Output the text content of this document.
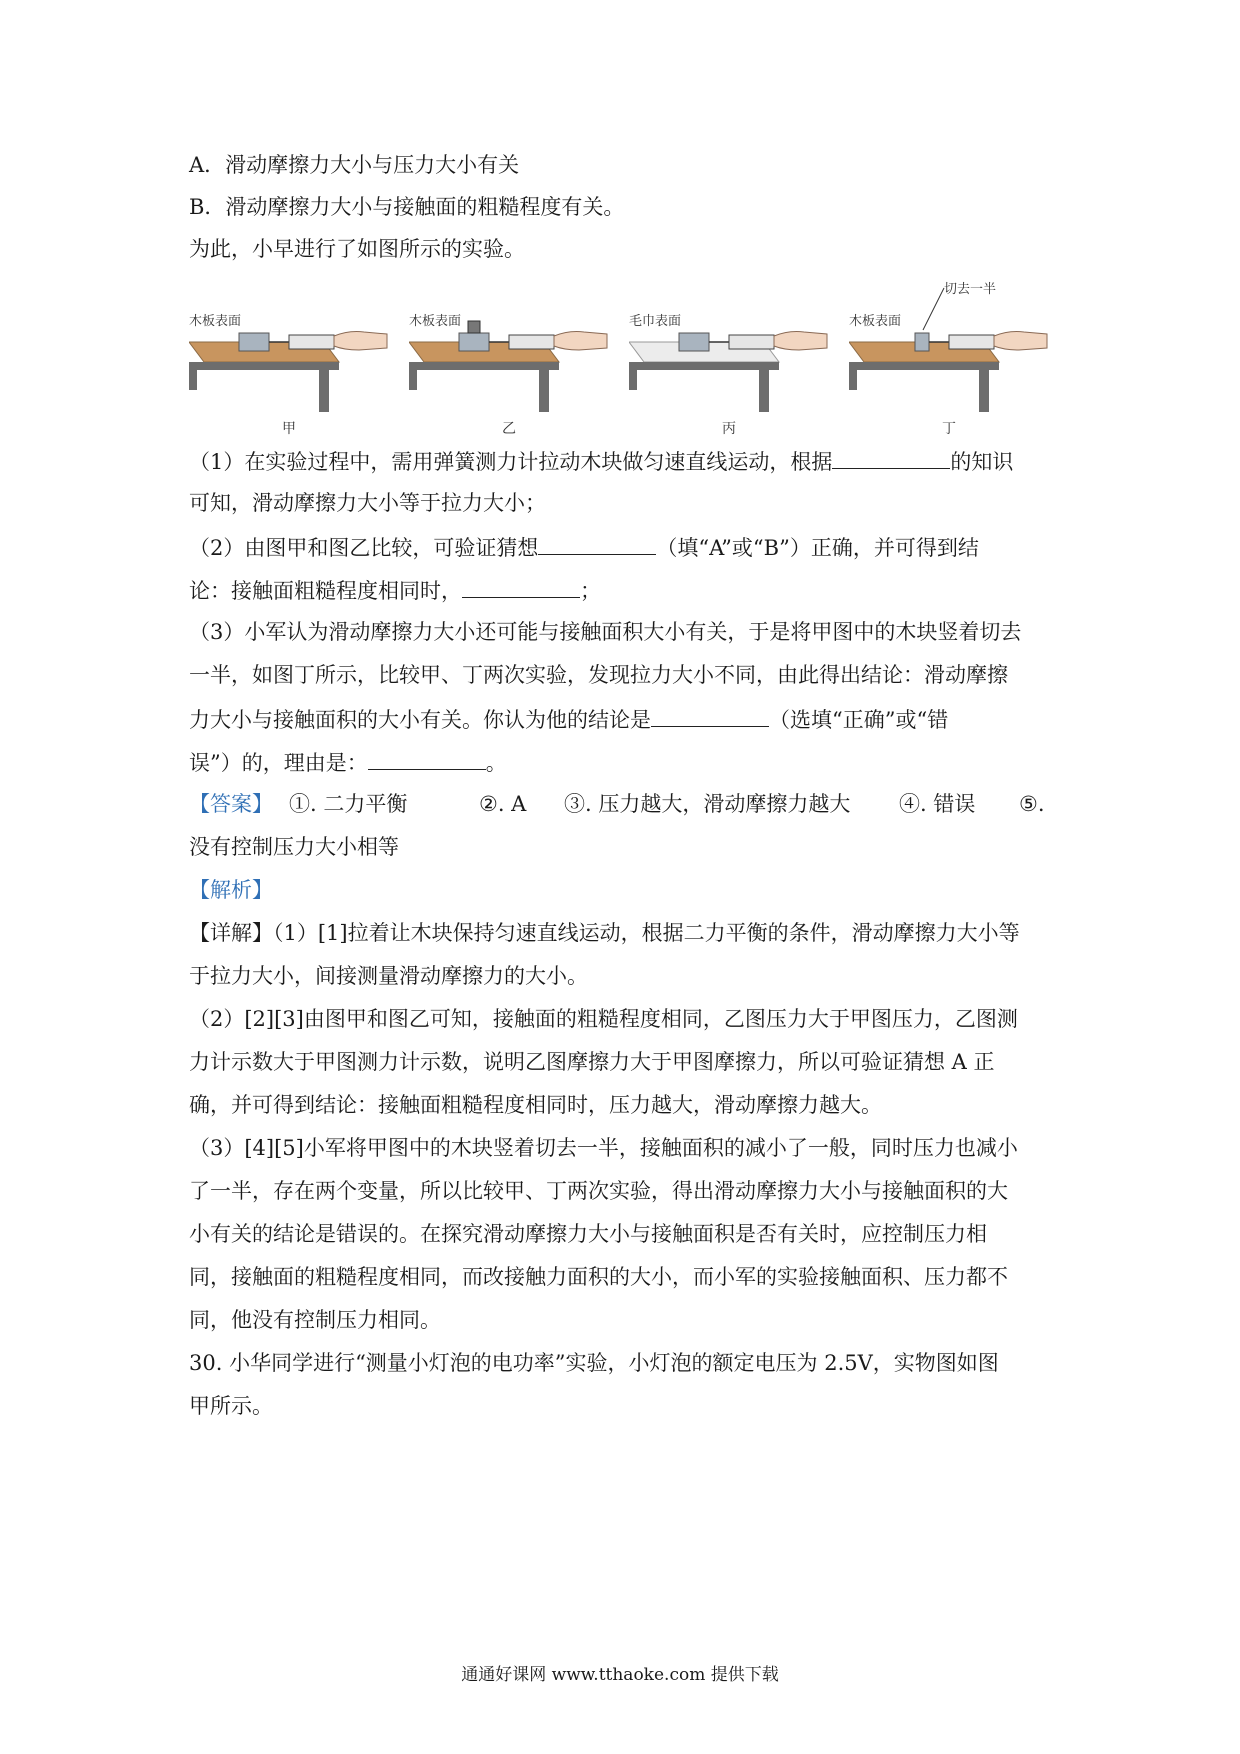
A．滑动摩擦力大小与压力大小有关
B．滑动摩擦力大小与接触面的粗糙程度有关。
为此，小早进行了如图所示的实验。
木板表面
甲
木板表面
乙
毛巾表面
丙
木板表面
切去一半
丁
（1）在实验过程中，需用弹簧测力计拉动木块做匀速直线运动，根据	的知识
可知，滑动摩擦力大小等于拉力大小；
（2）由图甲和图乙比较，可验证猜想	（填“A”或“B”）正确，并可得到结
论：接触面粗糙程度相同时，	；
（3）小军认为滑动摩擦力大小还可能与接触面积大小有关，于是将甲图中的木块竖着切去
一半，如图丁所示，比较甲、丁两次实验，发现拉力大小不同，由此得出结论：滑动摩擦
力大小与接触面积的大小有关。你认为他的结论是	（选填“正确”或“错
误”）的，理由是：	。
【答案】 ①. 二力平衡	②. A ③. 压力越大，滑动摩擦力越大 ④. 错误 ⑤.
没有控制压力大小相等
【解析】
【详解】（1）[1]拉着让木块保持匀速直线运动，根据二力平衡的条件，滑动摩擦力大小等
于拉力大小，间接测量滑动摩擦力的大小。
（2）[2][3]由图甲和图乙可知，接触面的粗糙程度相同，乙图压力大于甲图压力，乙图测
力计示数大于甲图测力计示数，说明乙图摩擦力大于甲图摩擦力，所以可验证猜想 A 正
确，并可得到结论：接触面粗糙程度相同时，压力越大，滑动摩擦力越大。
（3）[4][5]小军将甲图中的木块竖着切去一半，接触面积的减小了一般，同时压力也减小
了一半，存在两个变量，所以比较甲、丁两次实验，得出滑动摩擦力大小与接触面积的大
小有关的结论是错误的。在探究滑动摩擦力大小与接触面积是否有关时，应控制压力相
同，接触面的粗糙程度相同，而改接触力面积的大小，而小军的实验接触面积、压力都不
同，他没有控制压力相同。
30. 小华同学进行“测量小灯泡的电功率”实验，小灯泡的额定电压为 2.5V，实物图如图
甲所示。
通通好课网 www.tthaoke.com 提供下载
